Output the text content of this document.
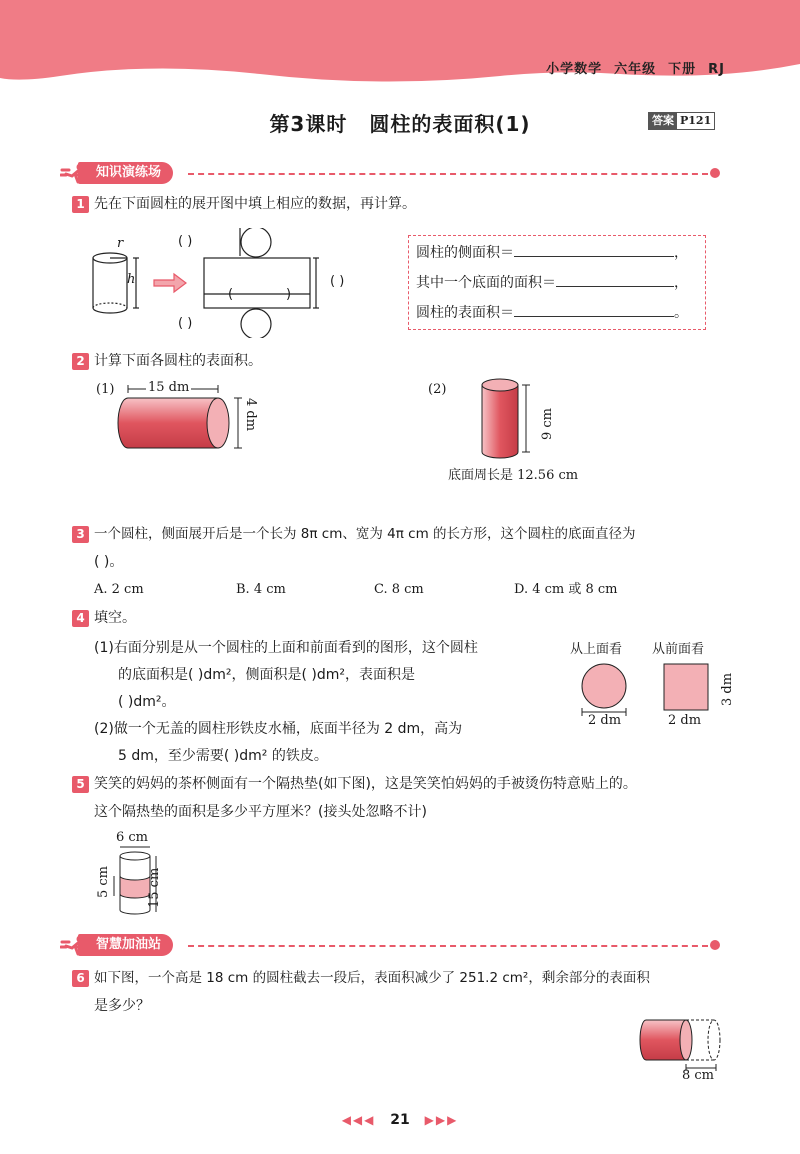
小学数学 六年级 下册 RJ
第3课时 圆柱的表面积(1)	答案 P121
知识演练场
1 先在下面圆柱的展开图中填上相应的数据，再计算。
r
h
( )
( )
(	)
( )
圆柱的侧面积＝	，
其中一个底面的面积＝	，
圆柱的表面积＝	。
2 计算下面各圆柱的表面积。
(1)	15 dm
4 dm
(2)
9 cm
底面周长是 12.56 cm
3 一个圆柱，侧面展开后是一个长为 8π cm、宽为 4π cm 的长方形，这个圆柱的底面直径为
( )。
A. 2 cm	B. 4 cm	C. 8 cm	D. 4 cm 或 8 cm
4 填空。
(1)右面分别是从一个圆柱的上面和前面看到的图形，这个圆柱
的底面积是( )dm²，侧面积是( )dm²，表面积是
( )dm²。
(2)做一个无盖的圆柱形铁皮水桶，底面半径为 2 dm，高为
5 dm，至少需要( )dm² 的铁皮。
从上面看 从前面看
2 dm	2 dm
3 dm
5 笑笑的妈妈的茶杯侧面有一个隔热垫(如下图)，这是笑笑怕妈妈的手被烫伤特意贴上的。
这个隔热垫的面积是多少平方厘米？(接头处忽略不计)
6 cm
5 cm	15 cm
智慧加油站
6 如下图，一个高是 18 cm 的圆柱截去一段后，表面积减少了 251.2 cm²，剩余部分的表面积
是多少？
8 cm
◀◀◀ 21 ▶▶▶
